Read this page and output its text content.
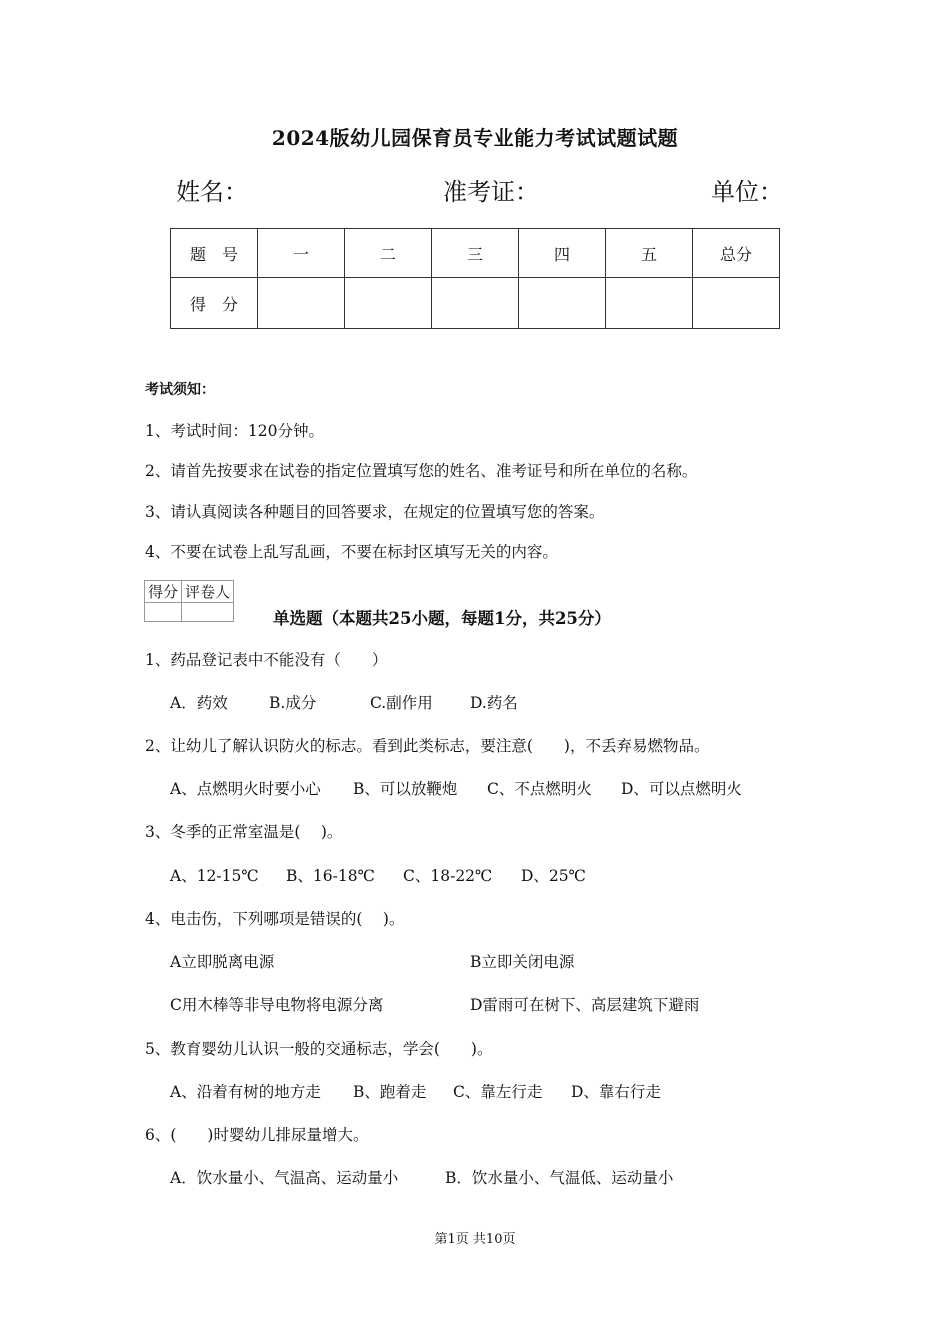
2024版幼儿园保育员专业能力考试试题试题
姓名：	准考证：	单位：
题　号	一	二	三	四	五	总分
得　分						
考试须知：
1、考试时间：120分钟。
2、请首先按要求在试卷的指定位置填写您的姓名、准考证号和所在单位的名称。
3、请认真阅读各种题目的回答要求，在规定的位置填写您的答案。
4、不要在试卷上乱写乱画，不要在标封区填写无关的内容。
得分	评卷人

单选题（本题共25小题，每题1分，共25分）
1、药品登记表中不能没有（　　）
A．药效	B.成分	C.副作用 D.药名
2、让幼儿了解认识防火的标志。看到此类标志，要注意(　　)，不丢弃易燃物品。
A、点燃明火时要小心 B、可以放鞭炮 C、不点燃明火 D、可以点燃明火
3、冬季的正常室温是(　 )。
A、12-15℃ B、16-18℃ C、18-22℃ D、25℃
4、电击伤，下列哪项是错误的(　 )。
A立即脱离电源	B立即关闭电源
C用木棒等非导电物将电源分离	D雷雨可在树下、高层建筑下避雨
5、教育婴幼儿认识一般的交通标志，学会(　　)。
A、沿着有树的地方走 B、跑着走 C、靠左行走 D、靠右行走
6、(　　)时婴幼儿排尿量增大。
A．饮水量小、气温高、运动量小	B．饮水量小、气温低、运动量小
第1页 共10页
